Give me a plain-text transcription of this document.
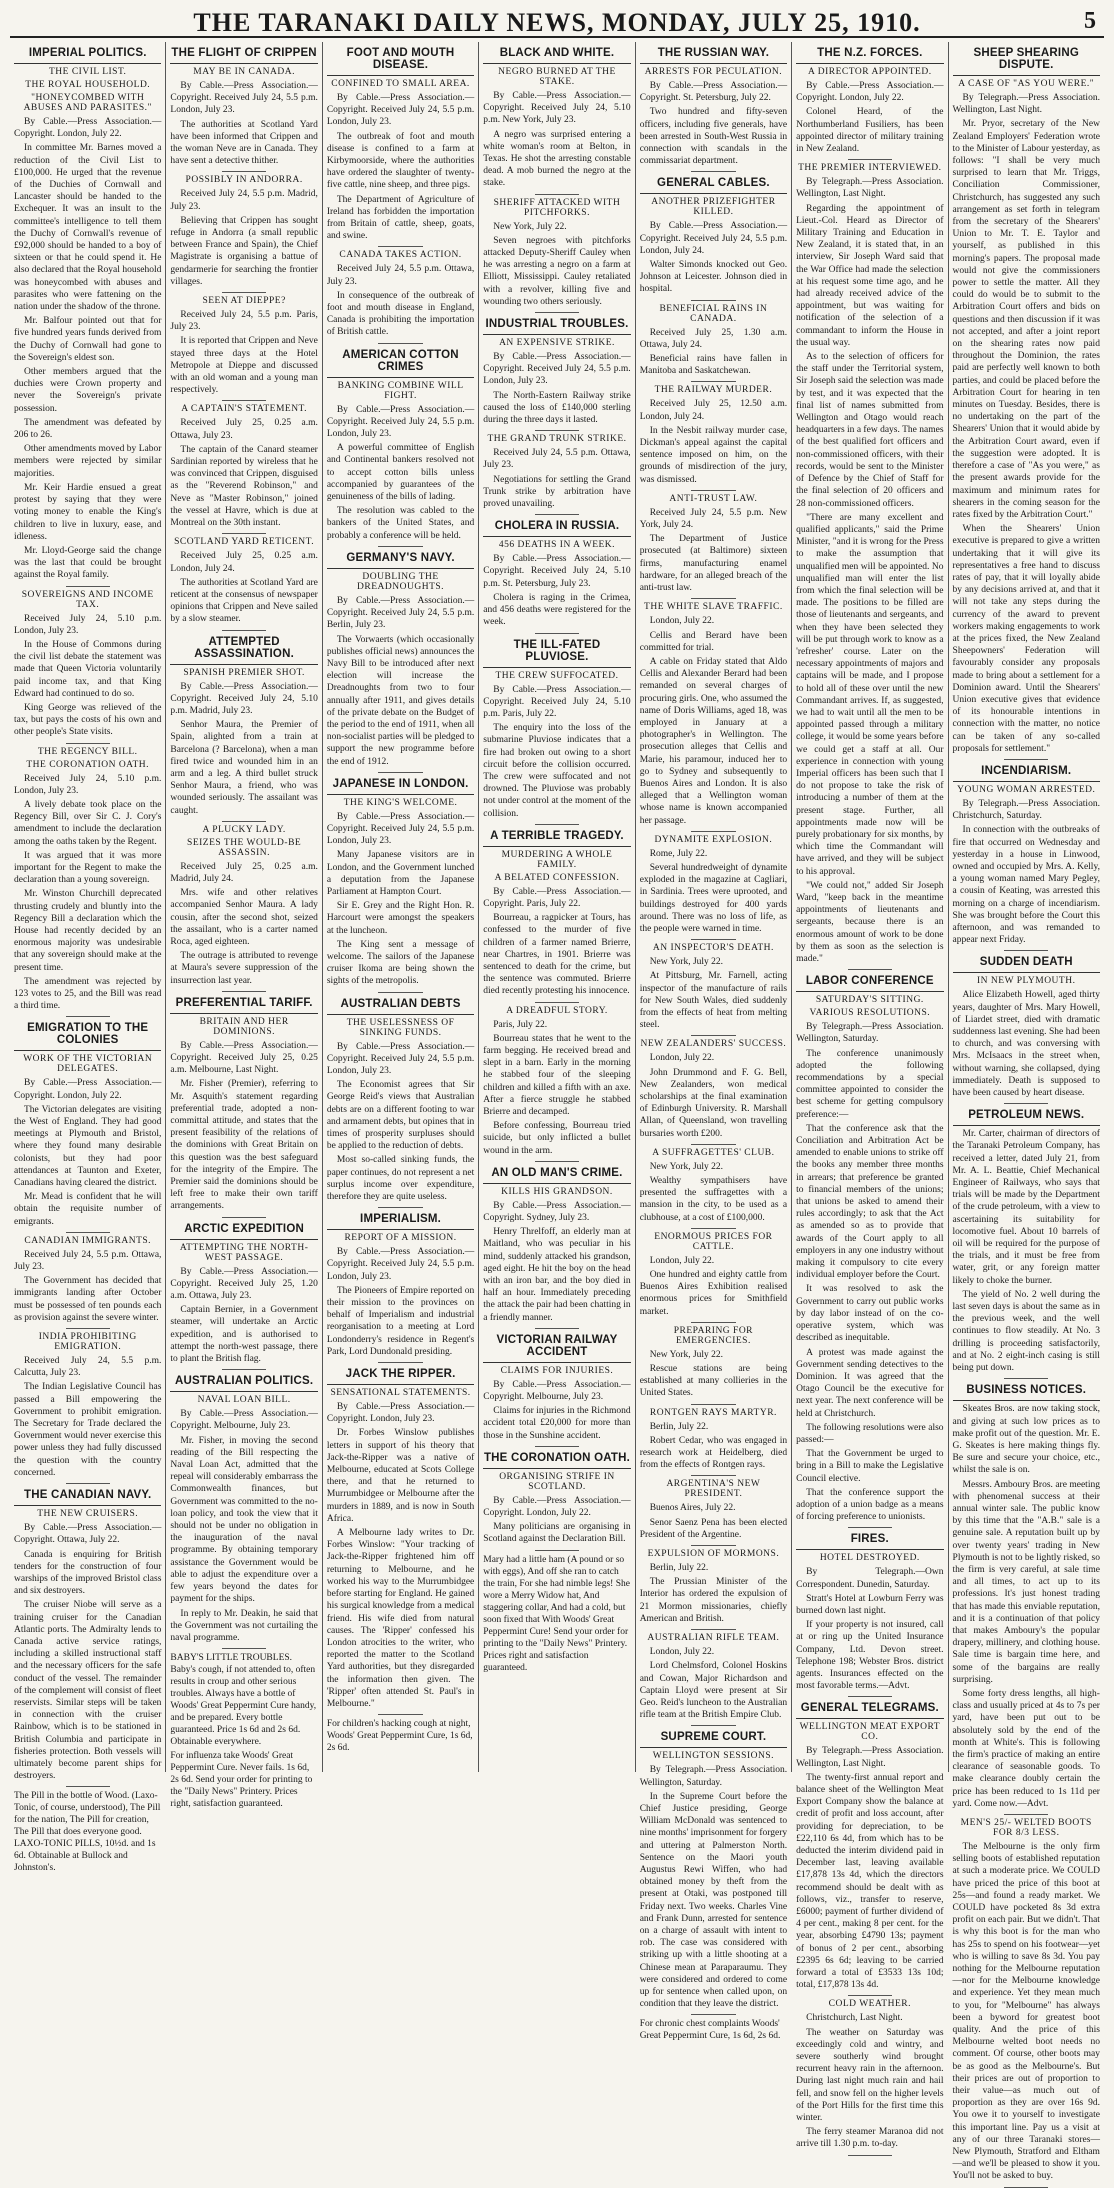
THE TARANAKI DAILY NEWS, MONDAY, JULY 25, 1910.	5
IMPERIAL POLITICS.
THE CIVIL LIST.
THE ROYAL HOUSEHOLD.
"HONEYCOMBED WITH ABUSES AND PARASITES."

By Cable.—Press Association.—Copyright. London, July 22.

In committee Mr. Barnes moved a reduction of the Civil List to £100,000. He urged that the revenue of the Duchies of Cornwall and Lancaster should be handed to the Exchequer. It was an insult to the committee's intelligence to tell them the Duchy of Cornwall's revenue of £92,000 should be handed to a boy of sixteen or that he could spend it. He also declared that the Royal household was honeycombed with abuses and parasites who were fattening on the nation under the shadow of the throne.

Mr. Balfour pointed out that for five hundred years funds derived from the Duchy of Cornwall had gone to the Sovereign's eldest son.

Other members argued that the duchies were Crown property and never the Sovereign's private possession.

The amendment was defeated by 206 to 26.

Other amendments moved by Labor members were rejected by similar majorities.

Mr. Keir Hardie ensued a great protest by saying that they were voting money to enable the King's children to live in luxury, ease, and idleness.

Mr. Lloyd-George said the change was the last that could be brought against the Royal family.

SOVEREIGNS AND INCOME TAX.

Received July 24, 5.10 p.m. London, July 23.

In the House of Commons during the civil list debate the statement was made that Queen Victoria voluntarily paid income tax, and that King Edward had continued to do so.

King George was relieved of the tax, but pays the costs of his own and other people's State visits.

THE REGENCY BILL.
THE CORONATION OATH.

Received July 24, 5.10 p.m. London, July 23.

A lively debate took place on the Regency Bill, over Sir C. J. Cory's amendment to include the declaration among the oaths taken by the Regent.

It was argued that it was more important for the Regent to make the declaration than a young sovereign.

Mr. Winston Churchill deprecated thrusting crudely and bluntly into the Regency Bill a declaration which the House had recently decided by an enormous majority was undesirable that any sovereign should make at the present time.

The amendment was rejected by 123 votes to 25, and the Bill was read a third time.

EMIGRATION TO THE COLONIES
WORK OF THE VICTORIAN DELEGATES.

By Cable.—Press Association.—Copyright. London, July 22.

The Victorian delegates are visiting the West of England. They had good meetings at Plymouth and Bristol, where they found many desirable colonists, but they had poor attendances at Taunton and Exeter, Canadians having cleared the district.

Mr. Mead is confident that he will obtain the requisite number of emigrants.

CANADIAN IMMIGRANTS.

Received July 24, 5.5 p.m. Ottawa, July 23.

The Government has decided that immigrants landing after October must be possessed of ten pounds each as provision against the severe winter.

INDIA PROHIBITING EMIGRATION.

Received July 24, 5.5 p.m. Calcutta, July 23.

The Indian Legislative Council has passed a Bill empowering the Government to prohibit emigration. The Secretary for Trade declared the Government would never exercise this power unless they had fully discussed the question with the country concerned.

THE CANADIAN NAVY.
THE NEW CRUISERS.

By Cable.—Press Association.—Copyright. Ottawa, July 22.

Canada is enquiring for British tenders for the construction of four warships of the improved Bristol class and six destroyers.

The cruiser Niobe will serve as a training cruiser for the Canadian Atlantic ports. The Admiralty lends to Canada active service ratings, including a skilled instructional staff and the necessary officers for the safe conduct of the vessel. The remainder of the complement will consist of fleet reservists. Similar steps will be taken in connection with the cruiser Rainbow, which is to be stationed in British Columbia and participate in fisheries protection. Both vessels will ultimately become parent ships for destroyers.

The Pill in the bottle of Wood. (Laxo-Tonic, of course, understood), The Pill for the nation, The Pill for creation, The Pill that does everyone good. LAXO-TONIC PILLS, 10½d. and 1s 6d. Obtainable at Bullock and Johnston's.

THE FLIGHT OF CRIPPEN
MAY BE IN CANADA.

By Cable.—Press Association.—Copyright. Received July 24, 5.5 p.m. London, July 23.

The authorities at Scotland Yard have been informed that Crippen and the woman Neve are in Canada. They have sent a detective thither.

POSSIBLY IN ANDORRA.

Received July 24, 5.5 p.m. Madrid, July 23.

Believing that Crippen has sought refuge in Andorra (a small republic between France and Spain), the Chief Magistrate is organising a battue of gendarmerie for searching the frontier villages.

SEEN AT DIEPPE?

Received July 24, 5.5 p.m. Paris, July 23.

It is reported that Crippen and Neve stayed three days at the Hotel Metropole at Dieppe and discussed with an old woman and a young man respectively.

A CAPTAIN'S STATEMENT.

Received July 25, 0.25 a.m. Ottawa, July 23.

The captain of the Canard steamer Sardinian reported by wireless that he was convinced that Crippen, disguised as the "Reverend Robinson," and Neve as "Master Robinson," joined the vessel at Havre, which is due at Montreal on the 30th instant.

SCOTLAND YARD RETICENT.

Received July 25, 0.25 a.m. London, July 24.

The authorities at Scotland Yard are reticent at the consensus of newspaper opinions that Crippen and Neve sailed by a slow steamer.

ATTEMPTED ASSASSINATION.
SPANISH PREMIER SHOT.

By Cable.—Press Association.—Copyright. Received July 24, 5.10 p.m. Madrid, July 23.

Senhor Maura, the Premier of Spain, alighted from a train at Barcelona (? Barcelona), when a man fired twice and wounded him in an arm and a leg. A third bullet struck Senhor Maura, a friend, who was wounded seriously. The assailant was caught.

A PLUCKY LADY.
SEIZES THE WOULD-BE ASSASSIN.

Received July 25, 0.25 a.m. Madrid, July 24.

Mrs. wife and other relatives accompanied Senhor Maura. A lady cousin, after the second shot, seized the assailant, who is a carter named Roca, aged eighteen.

The outrage is attributed to revenge at Maura's severe suppression of the insurrection last year.

PREFERENTIAL TARIFF.
BRITAIN AND HER DOMINIONS.

By Cable.—Press Association.—Copyright. Received July 25, 0.25 a.m. Melbourne, Last Night.

Mr. Fisher (Premier), referring to Mr. Asquith's statement regarding preferential trade, adopted a non-committal attitude, and states that the present feasibility of the relations of the dominions with Great Britain on this question was the best safeguard for the integrity of the Empire. The Premier said the dominions should be left free to make their own tariff arrangements.

ARCTIC EXPEDITION
ATTEMPTING THE NORTH-WEST PASSAGE.

By Cable.—Press Association.—Copyright. Received July 25, 1.20 a.m. Ottawa, July 23.

Captain Bernier, in a Government steamer, will undertake an Arctic expedition, and is authorised to attempt the north-west passage, there to plant the British flag.

AUSTRALIAN POLITICS.
NAVAL LOAN BILL.

By Cable.—Press Association.—Copyright. Melbourne, July 23.

Mr. Fisher, in moving the second reading of the Bill respecting the Naval Loan Act, admitted that the repeal will considerably embarrass the Commonwealth finances, but Government was committed to the no-loan policy, and took the view that it should not be under no obligation in the inauguration of the naval programme. By obtaining temporary assistance the Government would be able to adjust the expenditure over a few years beyond the dates for payment for the ships.

In reply to Mr. Deakin, he said that the Government was not curtailing the naval programme.

BABY'S LITTLE TROUBLES. Baby's cough, if not attended to, often results in croup and other serious troubles. Always have a bottle of Woods' Great Peppermint Cure handy, and be prepared. Every bottle guaranteed. Price 1s 6d and 2s 6d. Obtainable everywhere.

For influenza take Woods' Great Peppermint Cure. Never fails. 1s 6d, 2s 6d. Send your order for printing to the "Daily News" Printery. Prices right, satisfaction guaranteed.

FOOT AND MOUTH DISEASE.
CONFINED TO SMALL AREA.

By Cable.—Press Association.—Copyright. Received July 24, 5.5 p.m. London, July 23.

The outbreak of foot and mouth disease is confined to a farm at Kirbymoorside, where the authorities have ordered the slaughter of twenty-five cattle, nine sheep, and three pigs.

The Department of Agriculture of Ireland has forbidden the importation from Britain of cattle, sheep, goats, and swine.

CANADA TAKES ACTION.

Received July 24, 5.5 p.m. Ottawa, July 23.

In consequence of the outbreak of foot and mouth disease in England, Canada is prohibiting the importation of British cattle.

AMERICAN COTTON CRIMES
BANKING COMBINE WILL FIGHT.

By Cable.—Press Association.—Copyright. Received July 24, 5.5 p.m. London, July 23.

A powerful committee of English and Continental bankers resolved not to accept cotton bills unless accompanied by guarantees of the genuineness of the bills of lading.

The resolution was cabled to the bankers of the United States, and probably a conference will be held.

GERMANY'S NAVY.
DOUBLING THE DREADNOUGHTS.

By Cable.—Press Association.—Copyright. Received July 24, 5.5 p.m. Berlin, July 23.

The Vorwaerts (which occasionally publishes official news) announces the Navy Bill to be introduced after next election will increase the Dreadnoughts from two to four annually after 1911, and gives details of the private debate on the Budget of the period to the end of 1911, when all non-socialist parties will be pledged to support the new programme before the end of 1912.

JAPANESE IN LONDON.
THE KING'S WELCOME.

By Cable.—Press Association.—Copyright. Received July 24, 5.5 p.m. London, July 23.

Many Japanese visitors are in London, and the Government lunched a deputation from the Japanese Parliament at Hampton Court.

Sir E. Grey and the Right Hon. R. Harcourt were amongst the speakers at the luncheon.

The King sent a message of welcome. The sailors of the Japanese cruiser Ikoma are being shown the sights of the metropolis.

AUSTRALIAN DEBTS
THE USELESSNESS OF SINKING FUNDS.

By Cable.—Press Association.—Copyright. Received July 24, 5.5 p.m. London, July 23.

The Economist agrees that Sir George Reid's views that Australian debts are on a different footing to war and armament debts, but opines that in times of prosperity surpluses should be applied to the reduction of debts.

Most so-called sinking funds, the paper continues, do not represent a net surplus income over expenditure, therefore they are quite useless.

IMPERIALISM.
REPORT OF A MISSION.

By Cable.—Press Association.—Copyright. Received July 24, 5.5 p.m. London, July 23.

The Pioneers of Empire reported on their mission to the provinces on behalf of Imperialism and industrial reorganisation to a meeting at Lord Londonderry's residence in Regent's Park, Lord Dundonald presiding.

JACK THE RIPPER.
SENSATIONAL STATEMENTS.

By Cable.—Press Association.—Copyright. London, July 23.

Dr. Forbes Winslow publishes letters in support of his theory that Jack-the-Ripper was a native of Melbourne, educated at Scots College there, and that he returned to Murrumbidgee or Melbourne after the murders in 1889, and is now in South Africa.

A Melbourne lady writes to Dr. Forbes Winslow: "Your tracking of Jack-the-Ripper frightened him off returning to Melbourne, and he worked his way to the Murrumbidgee before starting for England. He gained his surgical knowledge from a medical friend. His wife died from natural causes. The 'Ripper' confessed his London atrocities to the writer, who reported the matter to the Scotland Yard authorities, but they disregarded the information then given. The 'Ripper' often attended St. Paul's in Melbourne."

For children's hacking cough at night, Woods' Great Peppermint Cure, 1s 6d, 2s 6d.

BLACK AND WHITE.
NEGRO BURNED AT THE STAKE.

By Cable.—Press Association.—Copyright. Received July 24, 5.10 p.m. New York, July 23.

A negro was surprised entering a white woman's room at Belton, in Texas. He shot the arresting constable dead. A mob burned the negro at the stake.

SHERIFF ATTACKED WITH PITCHFORKS.

New York, July 22.

Seven negroes with pitchforks attacked Deputy-Sheriff Cauley when he was arresting a negro on a farm at Elliott, Mississippi. Cauley retaliated with a revolver, killing five and wounding two others seriously.

INDUSTRIAL TROUBLES.
AN EXPENSIVE STRIKE.

By Cable.—Press Association.—Copyright. Received July 24, 5.5 p.m. London, July 23.

The North-Eastern Railway strike caused the loss of £140,000 sterling during the three days it lasted.

THE GRAND TRUNK STRIKE.

Received July 24, 5.5 p.m. Ottawa, July 23.

Negotiations for settling the Grand Trunk strike by arbitration have proved unavailing.

CHOLERA IN RUSSIA.
456 DEATHS IN A WEEK.

By Cable.—Press Association.—Copyright. Received July 24, 5.10 p.m. St. Petersburg, July 23.

Cholera is raging in the Crimea, and 456 deaths were registered for the week.

THE ILL-FATED PLUVIOSE.
THE CREW SUFFOCATED.

By Cable.—Press Association.—Copyright. Received July 24, 5.10 p.m. Paris, July 22.

The enquiry into the loss of the submarine Pluviose indicates that a fire had broken out owing to a short circuit before the collision occurred. The crew were suffocated and not drowned. The Pluviose was probably not under control at the moment of the collision.

A TERRIBLE TRAGEDY.
MURDERING A WHOLE FAMILY.
A BELATED CONFESSION.

By Cable.—Press Association.—Copyright. Paris, July 22.

Bourreau, a ragpicker at Tours, has confessed to the murder of five children of a farmer named Brierre, near Chartres, in 1901. Brierre was sentenced to death for the crime, but the sentence was commuted. Brierre died recently protesting his innocence.

A DREADFUL STORY.

Paris, July 22.

Bourreau states that he went to the farm begging. He received bread and slept in a barn. Early in the morning he stabbed four of the sleeping children and killed a fifth with an axe. After a fierce struggle he stabbed Brierre and decamped.

Before confessing, Bourreau tried suicide, but only inflicted a bullet wound in the arm.

AN OLD MAN'S CRIME.
KILLS HIS GRANDSON.

By Cable.—Press Association.—Copyright. Sydney, July 23.

Henry Threlfoff, an elderly man at Maitland, who was peculiar in his mind, suddenly attacked his grandson, aged eight. He hit the boy on the head with an iron bar, and the boy died in half an hour. Immediately preceding the attack the pair had been chatting in a friendly manner.

VICTORIAN RAILWAY ACCIDENT
CLAIMS FOR INJURIES.

By Cable.—Press Association.—Copyright. Melbourne, July 23.

Claims for injuries in the Richmond accident total £20,000 for more than those in the Sunshine accident.

THE CORONATION OATH.
ORGANISING STRIFE IN SCOTLAND.

By Cable.—Press Association.—Copyright. London, July 22.

Many politicians are organising in Scotland against the Declaration Bill.

Mary had a little ham (A pound or so with eggs), And off she ran to catch the train, For she had nimble legs! She wore a Merry Widow hat, And staggering collar, And had a cold, but soon fixed that With Woods' Great Peppermint Cure! Send your order for printing to the "Daily News" Printery. Prices right and satisfaction guaranteed.

THE RUSSIAN WAY.
ARRESTS FOR PECULATION.

By Cable.—Press Association.—Copyright. St. Petersburg, July 22.

Two hundred and fifty-seven officers, including five generals, have been arrested in South-West Russia in connection with scandals in the commissariat department.

GENERAL CABLES.
ANOTHER PRIZEFIGHTER KILLED.

By Cable.—Press Association.—Copyright. Received July 24, 5.5 p.m. London, July 24.

Walter Simonds knocked out Geo. Johnson at Leicester. Johnson died in hospital.

BENEFICIAL RAINS IN CANADA.

Received July 25, 1.30 a.m. Ottawa, July 24.

Beneficial rains have fallen in Manitoba and Saskatchewan.

THE RAILWAY MURDER.

Received July 25, 12.50 a.m. London, July 24.

In the Nesbit railway murder case, Dickman's appeal against the capital sentence imposed on him, on the grounds of misdirection of the jury, was dismissed.

ANTI-TRUST LAW.

Received July 24, 5.5 p.m. New York, July 24.

The Department of Justice prosecuted (at Baltimore) sixteen firms, manufacturing enamel hardware, for an alleged breach of the anti-trust law.

THE WHITE SLAVE TRAFFIC.

London, July 22.

Cellis and Berard have been committed for trial.

A cable on Friday stated that Aldo Cellis and Alexander Berard had been remanded on several charges of procuring girls. One, who assumed the name of Doris Williams, aged 18, was employed in January at a photographer's in Wellington. The prosecution alleges that Cellis and Marie, his paramour, induced her to go to Sydney and subsequently to Buenos Aires and London. It is also alleged that a Wellington woman whose name is known accompanied her passage.

DYNAMITE EXPLOSION.

Rome, July 22.

Several hundredweight of dynamite exploded in the magazine at Cagliari, in Sardinia. Trees were uprooted, and buildings destroyed for 400 yards around. There was no loss of life, as the people were warned in time.

AN INSPECTOR'S DEATH.

New York, July 22.

At Pittsburg, Mr. Farnell, acting inspector of the manufacture of rails for New South Wales, died suddenly from the effects of heat from melting steel.

NEW ZEALANDERS' SUCCESS.

London, July 22.

John Drummond and F. G. Bell, New Zealanders, won medical scholarships at the final examination of Edinburgh University. R. Marshall Allan, of Queensland, won travelling bursaries worth £200.

A SUFFRAGETTES' CLUB.

New York, July 22.

Wealthy sympathisers have presented the suffragettes with a mansion in the city, to be used as a clubhouse, at a cost of £100,000.

ENORMOUS PRICES FOR CATTLE.

London, July 22.

One hundred and eighty cattle from Buenos Aires Exhibition realised enormous prices for Smithfield market.

PREPARING FOR EMERGENCIES.

New York, July 22.

Rescue stations are being established at many collieries in the United States.

RONTGEN RAYS MARTYR.

Berlin, July 22.

Robert Cedar, who was engaged in research work at Heidelberg, died from the effects of Rontgen rays.

ARGENTINA'S NEW PRESIDENT.

Buenos Aires, July 22.

Senor Saenz Pena has been elected President of the Argentine.

EXPULSION OF MORMONS.

Berlin, July 22.

The Prussian Minister of the Interior has ordered the expulsion of 21 Mormon missionaries, chiefly American and British.

AUSTRALIAN RIFLE TEAM.

London, July 22.

Lord Chelmsford, Colonel Hoskins and Cowan, Major Richardson and Captain Lloyd were present at Sir Geo. Reid's luncheon to the Australian rifle team at the British Empire Club.

SUPREME COURT.
WELLINGTON SESSIONS.

By Telegraph.—Press Association. Wellington, Saturday.

In the Supreme Court before the Chief Justice presiding, George William McDonald was sentenced to nine months' imprisonment for forgery and uttering at Palmerston North. Sentence on the Maori youth Augustus Rewi Wiffen, who had obtained money by theft from the present at Otaki, was postponed till Friday next. Two weeks. Charles Vine and Frank Dunn, arrested for sentence on a charge of assault with intent to rob. The case was considered with striking up with a little shooting at a Chinese mean at Paraparaumu. They were considered and ordered to come up for sentence when called upon, on condition that they leave the district.

For chronic chest complaints Woods' Great Peppermint Cure, 1s 6d, 2s 6d.

THE N.Z. FORCES.
A DIRECTOR APPOINTED.

By Cable.—Press Association.—Copyright. London, July 22.

Colonel Heard, of the Northumberland Fusiliers, has been appointed director of military training in New Zealand.

THE PREMIER INTERVIEWED.

By Telegraph.—Press Association. Wellington, Last Night.

Regarding the appointment of Lieut.-Col. Heard as Director of Military Training and Education in New Zealand, it is stated that, in an interview, Sir Joseph Ward said that the War Office had made the selection at his request some time ago, and he had already received advice of the appointment, but was waiting for notification of the selection of a commandant to inform the House in the usual way.

As to the selection of officers for the staff under the Territorial system, Sir Joseph said the selection was made by test, and it was expected that the final list of names submitted from Wellington and Otago would reach headquarters in a few days. The names of the best qualified fort officers and non-commissioned officers, with their records, would be sent to the Minister of Defence by the Chief of Staff for the final selection of 20 officers and 28 non-commissioned officers.

"There are many excellent and qualified applicants," said the Prime Minister, "and it is wrong for the Press to make the assumption that unqualified men will be appointed. No unqualified man will enter the list from which the final selection will be made. The positions to be filled are those of lieutenants and sergeants, and when they have been selected they will be put through work to know as a 'refresher' course. Later on the necessary appointments of majors and captains will be made, and I propose to hold all of these over until the new Commandant arrives. If, as suggested, we had to wait until all the men to be appointed passed through a military college, it would be some years before we could get a staff at all. Our experience in connection with young Imperial officers has been such that I do not propose to take the risk of introducing a number of them at the present stage. Further, all appointments made now will be purely probationary for six months, by which time the Commandant will have arrived, and they will be subject to his approval.

"We could not," added Sir Joseph Ward, "keep back in the meantime appointments of lieutenants and sergeants, because there is an enormous amount of work to be done by them as soon as the selection is made."

LABOR CONFERENCE
SATURDAY'S SITTING.
VARIOUS RESOLUTIONS.

By Telegraph.—Press Association. Wellington, Saturday.

The conference unanimously adopted the following recommendations by a special committee appointed to consider the best scheme for getting compulsory preference:—

That the conference ask that the Conciliation and Arbitration Act be amended to enable unions to strike off the books any member three months in arrears; that preference be granted to financial members of the unions; that unions be asked to amend their rules accordingly; to ask that the Act as amended so as to provide that awards of the Court apply to all employers in any one industry without making it compulsory to cite every individual employer before the Court.

It was resolved to ask the Government to carry out public works by day labor instead of on the co-operative system, which was described as inequitable.

A protest was made against the Government sending detectives to the Dominion. It was agreed that the Otago Council be the executive for next year. The next conference will be held at Christchurch.

The following resolutions were also passed:—

That the Government be urged to bring in a Bill to make the Legislative Council elective.

That the conference support the adoption of a union badge as a means of forcing preference to unionists.

FIRES.
HOTEL DESTROYED.

By Telegraph.—Own Correspondent. Dunedin, Saturday.

Stratt's Hotel at Lowburn Ferry was burned down last night.

If your property is not insured, call at or ring up the United Insurance Company, Ltd. Devon street. Telephone 198; Webster Bros. district agents. Insurances effected on the most favorable terms.—Advt.

GENERAL TELEGRAMS.
WELLINGTON MEAT EXPORT CO.

By Telegraph.—Press Association. Wellington, Last Night.

The twenty-first annual report and balance sheet of the Wellington Meat Export Company show the balance at credit of profit and loss account, after providing for depreciation, to be £22,110 6s 4d, from which has to be deducted the interim dividend paid in December last, leaving available £17,878 13s 4d, which the directors recommend should be dealt with as follows, viz., transfer to reserve, £6000; payment of further dividend of 4 per cent., making 8 per cent. for the year, absorbing £4790 13s; payment of bonus of 2 per cent., absorbing £2395 6s 6d; leaving to be carried forward a total of £3533 13s 10d; total, £17,878 13s 4d.

COLD WEATHER.

Christchurch, Last Night.

The weather on Saturday was exceedingly cold and wintry, and severe southerly wind brought recurrent heavy rain in the afternoon. During last night much rain and hail fell, and snow fell on the higher levels of the Port Hills for the first time this winter.

The ferry steamer Maranoa did not arrive till 1.30 p.m. to-day.

SHEEP SHEARING DISPUTE.
A CASE OF "AS YOU WERE."

By Telegraph.—Press Association. Wellington, Last Night.

Mr. Pryor, secretary of the New Zealand Employers' Federation wrote to the Minister of Labour yesterday, as follows: "I shall be very much surprised to learn that Mr. Triggs, Conciliation Commissioner, Christchurch, has suggested any such arrangement as set forth in telegram from the secretary of the Shearers' Union to Mr. T. E. Taylor and yourself, as published in this morning's papers. The proposal made would not give the commissioners power to settle the matter. All they could do would be to submit to the Arbitration Court offers and bids on questions and then discussion if it was not accepted, and after a joint report on the shearing rates now paid throughout the Dominion, the rates paid are perfectly well known to both parties, and could be placed before the Arbitration Court for hearing in ten minutes on Tuesday. Besides, there is no undertaking on the part of the Shearers' Union that it would abide by the Arbitration Court award, even if the suggestion were adopted. It is therefore a case of "As you were," as the present awards provide for the maximum and minimum rates for shearers in the coming season for the rates fixed by the Arbitration Court."

When the Shearers' Union executive is prepared to give a written undertaking that it will give its representatives a free hand to discuss rates of pay, that it will loyally abide by any decisions arrived at, and that it will not take any steps during the currency of the award to prevent workers making engagements to work at the prices fixed, the New Zealand Sheepowners' Federation will favourably consider any proposals made to bring about a settlement for a Dominion award. Until the Shearers' Union executive gives that evidence of its honourable intentions in connection with the matter, no notice can be taken of any so-called proposals for settlement."

INCENDIARISM.
YOUNG WOMAN ARRESTED.

By Telegraph.—Press Association. Christchurch, Saturday.

In connection with the outbreaks of fire that occurred on Wednesday and yesterday in a house in Linwood, owned and occupied by Mrs. A. Kelly, a young woman named Mary Pegley, a cousin of Keating, was arrested this morning on a charge of incendiarism. She was brought before the Court this afternoon, and was remanded to appear next Friday.

SUDDEN DEATH
IN NEW PLYMOUTH.

Alice Elizabeth Howell, aged thirty years, daughter of Mrs. Mary Howell, of Liardet street, died with dramatic suddenness last evening. She had been to church, and was conversing with Mrs. McIsaacs in the street when, without warning, she collapsed, dying immediately. Death is supposed to have been caused by heart disease.

PETROLEUM NEWS.

Mr. Carter, chairman of directors of the Taranaki Petroleum Company, has received a letter, dated July 21, from Mr. A. L. Beattie, Chief Mechanical Engineer of Railways, who says that trials will be made by the Department of the crude petroleum, with a view to ascertaining its suitability for locomotive fuel. About 10 barrels of oil will be required for the purpose of the trials, and it must be free from water, grit, or any foreign matter likely to choke the burner.

The yield of No. 2 well during the last seven days is about the same as in the previous week, and the well continues to flow steadily. At No. 3 drilling is proceeding satisfactorily, and at No. 2 eight-inch casing is still being put down.

BUSINESS NOTICES.

Skeates Bros. are now taking stock, and giving at such low prices as to make profit out of the question. Mr. E. G. Skeates is here making things fly. Be sure and secure your choice, etc., whilst the sale is on.

Messrs. Amboury Bros. are meeting with phenomenal success at their annual winter sale. The public know by this time that the "A.B." sale is a genuine sale. A reputation built up by over twenty years' trading in New Plymouth is not to be lightly risked, so the firm is very careful, at sale time and all times, to act up to its professions. It's just honest trading that has made this enviable reputation, and it is a continuation of that policy that makes Amboury's the popular drapery, millinery, and clothing house. Sale time is bargain time here, and some of the bargains are really surprising.

Some forty dress lengths, all high-class and usually priced at 4s to 7s per yard, have been put out to be absolutely sold by the end of the month at White's. This is following the firm's practice of making an entire clearance of seasonable goods. To make clearance doubly certain the price has been reduced to 1s 11d per yard. Come now.—Advt.

MEN'S 25/- WELTED BOOTS FOR 8/3 LESS.

The Melbourne is the only firm selling boots of established reputation at such a moderate price. We COULD have priced the price of this boot at 25s—and found a ready market. We COULD have pocketed 8s 3d extra profit on each pair. But we didn't. That is why this boot is for the man who has 25s to spend on his footwear—yet who is willing to save 8s 3d. You pay nothing for the Melbourne reputation—nor for the Melbourne knowledge and experience. Yet they mean much to you, for "Melbourne" has always been a byword for greatest boot quality. And the price of this Melbourne welted boot needs no comment. Of course, other boots may be as good as the Melbourne's. But their prices are out of proportion to their value—as much out of proportion as they are over 16s 9d. You owe it to yourself to investigate this important line. Pay us a visit at any of our three Taranaki stores—New Plymouth, Stratford and Eltham—and we'll be pleased to show it you. You'll not be asked to buy.
